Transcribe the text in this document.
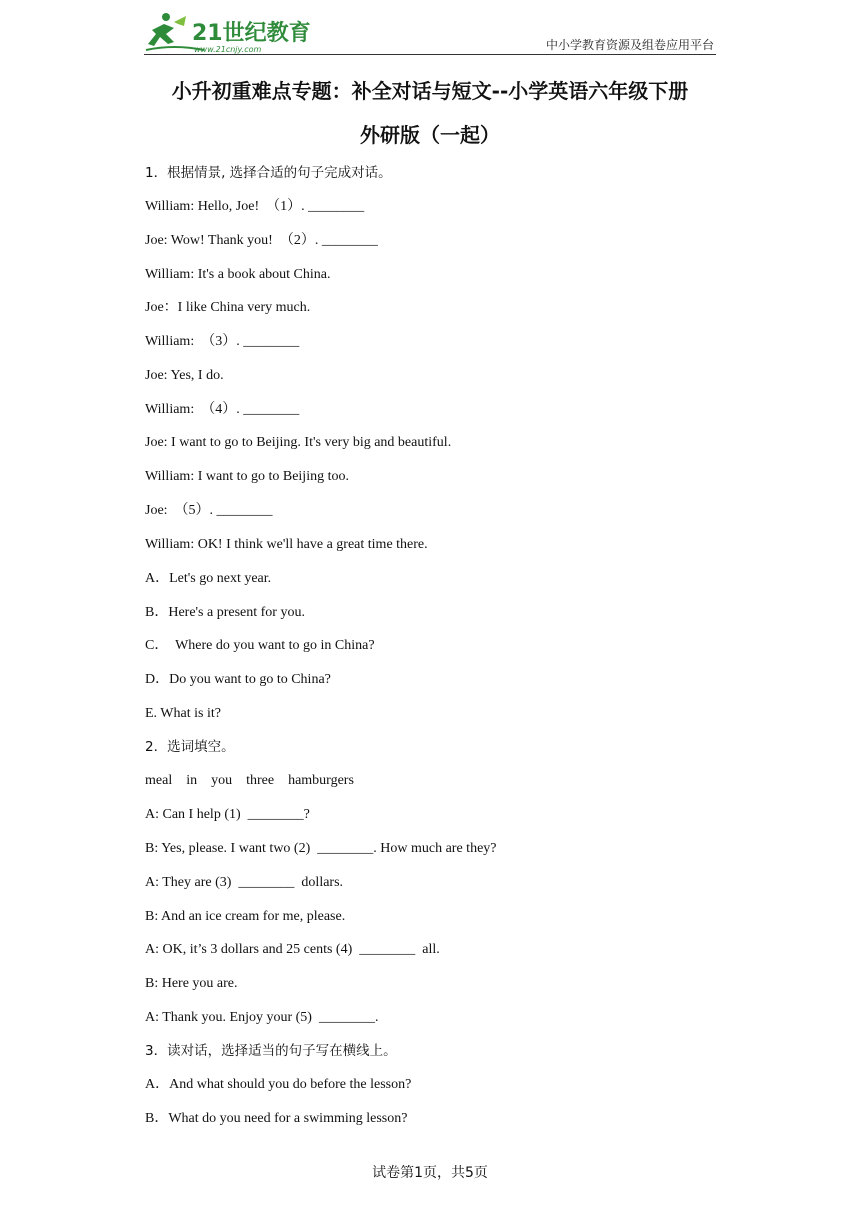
21世纪教育
www.21cnjy.com	中小学教育资源及组卷应用平台
小升初重难点专题：补全对话与短文--小学英语六年级下册
外研版（一起）
1．根据情景, 选择合适的句子完成对话。
William: Hello, Joe!  （1）. ________
Joe: Wow! Thank you!  （2）. ________
William: It's a book about China.
Joe：I like China very much.
William:  （3）. ________
Joe: Yes, I do.
William:  （4）. ________
Joe: I want to go to Beijing. It's very big and beautiful.
William: I want to go to Beijing too.
Joe:  （5）. ________
William: OK! I think we'll have a great time there.
A．Let's go next year.
B．Here's a present for you.
C．  Where do you want to go in China?
D．Do you want to go to China?
E. What is it?
2．选词填空。
meal    in    you    three    hamburgers
A: Can I help (1)  ________?
B: Yes, please. I want two (2)  ________. How much are they?
A: They are (3)  ________  dollars.
B: And an ice cream for me, please.
A: OK, it’s 3 dollars and 25 cents (4)  ________  all.
B: Here you are.
A: Thank you. Enjoy your (5)  ________.
3．读对话，选择适当的句子写在横线上。
A．And what should you do before the lesson?
B．What do you need for a swimming lesson?
试卷第1页，共5页
